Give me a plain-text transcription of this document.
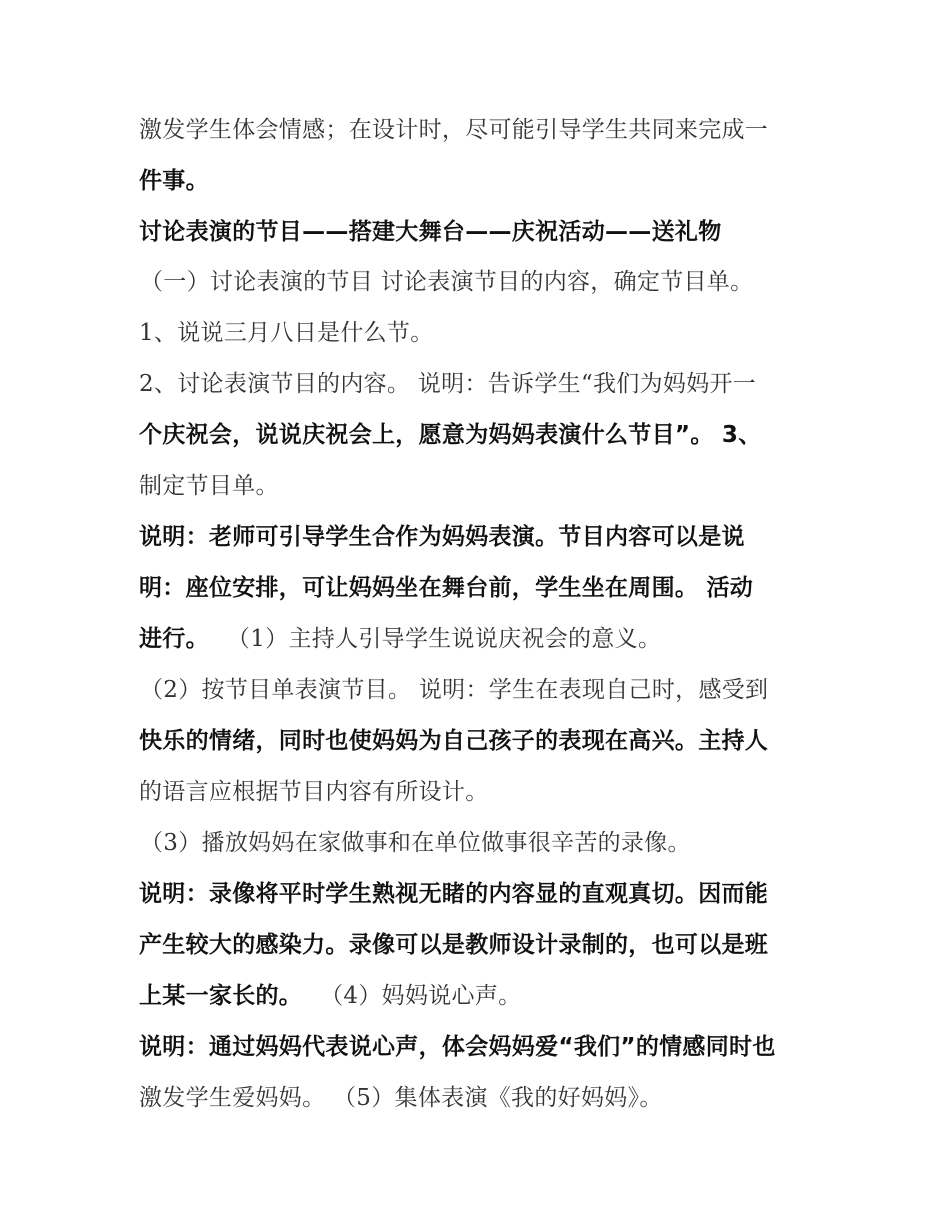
激发学生体会情感；在设计时，尽可能引导学生共同来完成一
件事。
讨论表演的节目——搭建大舞台——庆祝活动——送礼物
（一）讨论表演的节目 讨论表演节目的内容，确定节目单。
1、说说三月八日是什么节。
2、讨论表演节目的内容。 说明：告诉学生“我们为妈妈开一
个庆祝会，说说庆祝会上，愿意为妈妈表演什么节目”。 3、
制定节目单。
说明：老师可引导学生合作为妈妈表演。节目内容可以是说
明：座位安排，可让妈妈坐在舞台前，学生坐在周围。 活动
进行。 （1）主持人引导学生说说庆祝会的意义。
（2）按节目单表演节目。 说明：学生在表现自己时，感受到
快乐的情绪，同时也使妈妈为自己孩子的表现在高兴。主持人
的语言应根据节目内容有所设计。
（3）播放妈妈在家做事和在单位做事很辛苦的录像。
说明：录像将平时学生熟视无睹的内容显的直观真切。因而能
产生较大的感染力。录像可以是教师设计录制的，也可以是班
上某一家长的。 （4）妈妈说心声。
说明：通过妈妈代表说心声，体会妈妈爱“我们”的情感同时也
激发学生爱妈妈。 （5）集体表演《我的好妈妈》。
